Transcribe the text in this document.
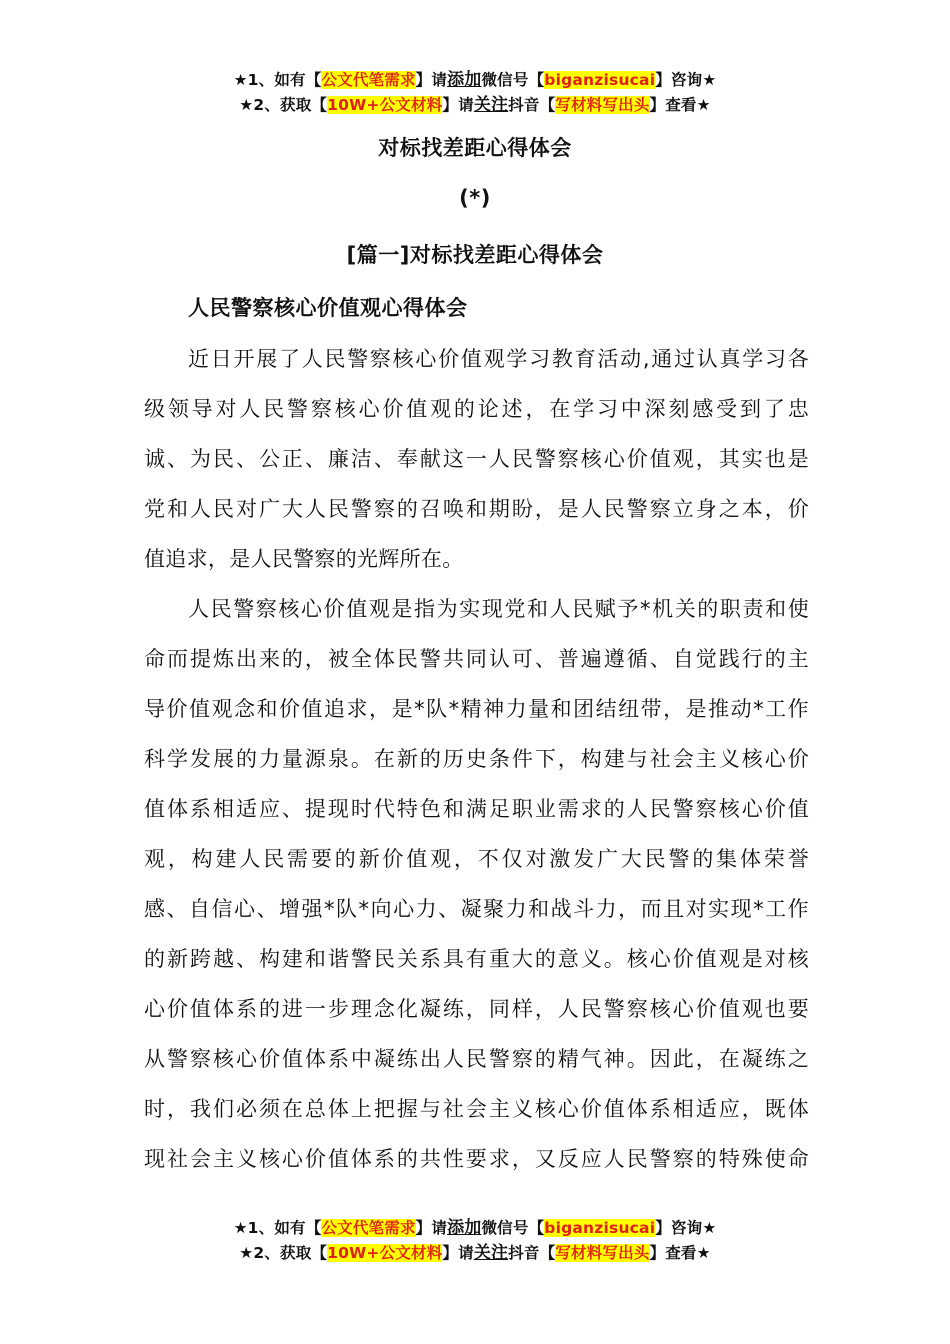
★1、如有【公文代笔需求】请添加微信号【biganzisucai】咨询★
★2、获取【10W+公文材料】请关注抖音【写材料写出头】查看★
对标找差距心得体会
(*)
[篇一]对标找差距心得体会
人民警察核心价值观心得体会
近日开展了人民警察核心价值观学习教育活动,通过认真学习各
级领导对人民警察核心价值观的论述，在学习中深刻感受到了忠
诚、为民、公正、廉洁、奉献这一人民警察核心价值观，其实也是
党和人民对广大人民警察的召唤和期盼，是人民警察立身之本，价
值追求，是人民警察的光辉所在。
人民警察核心价值观是指为实现党和人民赋予*机关的职责和使
命而提炼出来的，被全体民警共同认可、普遍遵循、自觉践行的主
导价值观念和价值追求，是*队*精神力量和团结纽带，是推动*工作
科学发展的力量源泉。在新的历史条件下，构建与社会主义核心价
值体系相适应、提现时代特色和满足职业需求的人民警察核心价值
观，构建人民需要的新价值观，不仅对激发广大民警的集体荣誉
感、自信心、增强*队*向心力、凝聚力和战斗力，而且对实现*工作
的新跨越、构建和谐警民关系具有重大的意义。核心价值观是对核
心价值体系的进一步理念化凝练，同样，人民警察核心价值观也要
从警察核心价值体系中凝练出人民警察的精气神。因此，在凝练之
时，我们必须在总体上把握与社会主义核心价值体系相适应，既体
现社会主义核心价值体系的共性要求，又反应人民警察的特殊使命
★1、如有【公文代笔需求】请添加微信号【biganzisucai】咨询★
★2、获取【10W+公文材料】请关注抖音【写材料写出头】查看★
